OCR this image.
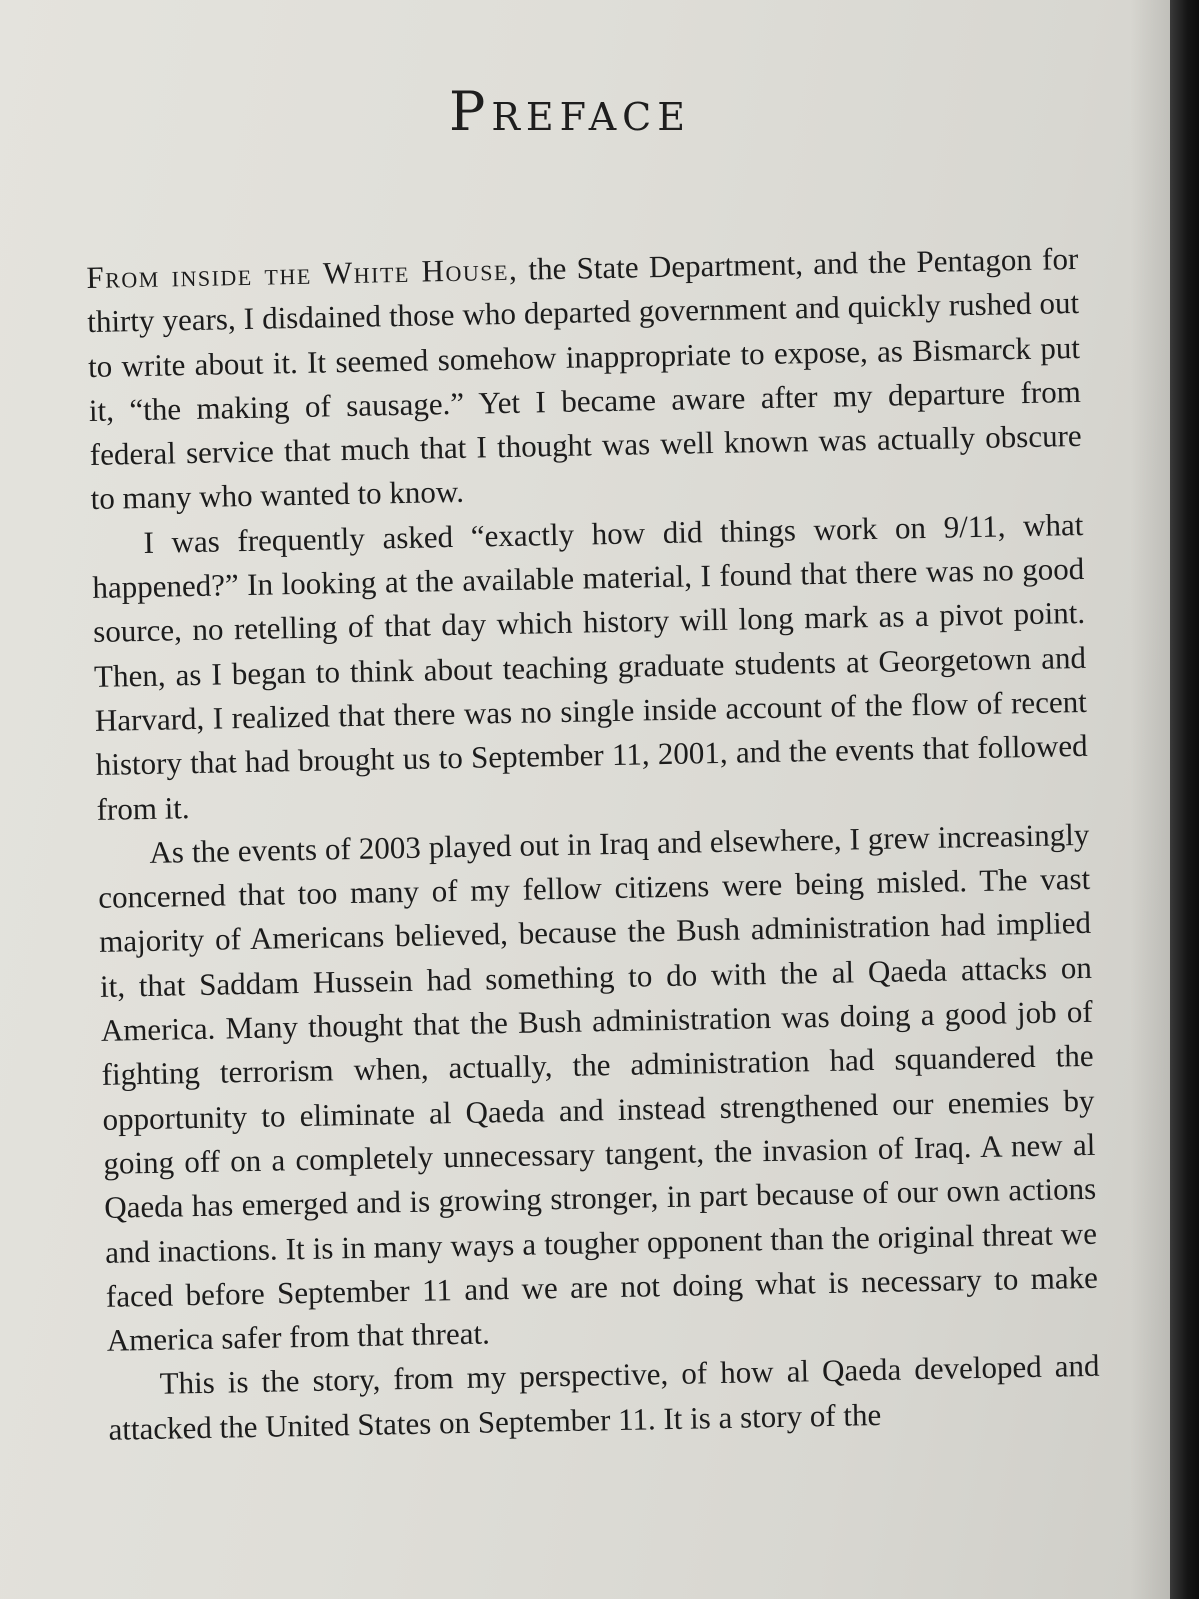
Preface

From inside the White House, the State Department, and the Pentagon for thirty years, I disdained those who departed government and quickly rushed out to write about it. It seemed somehow inappropriate to expose, as Bismarck put it, “the making of sausage.” Yet I became aware after my departure from federal service that much that I thought was well known was actually obscure to many who wanted to know.

I was frequently asked “exactly how did things work on 9/11, what happened?” In looking at the available material, I found that there was no good source, no retelling of that day which history will long mark as a pivot point. Then, as I began to think about teaching graduate students at Georgetown and Harvard, I realized that there was no single inside account of the flow of recent history that had brought us to September 11, 2001, and the events that followed from it.

As the events of 2003 played out in Iraq and elsewhere, I grew increasingly concerned that too many of my fellow citizens were being misled. The vast majority of Americans believed, because the Bush administration had implied it, that Saddam Hussein had something to do with the al Qaeda attacks on America. Many thought that the Bush administration was doing a good job of fighting terrorism when, actually, the administration had squandered the opportunity to eliminate al Qaeda and instead strengthened our enemies by going off on a completely unnecessary tangent, the invasion of Iraq. A new al Qaeda has emerged and is growing stronger, in part because of our own actions and inactions. It is in many ways a tougher opponent than the original threat we faced before September 11 and we are not doing what is necessary to make America safer from that threat.

This is the story, from my perspective, of how al Qaeda developed and attacked the United States on September 11. It is a story of the
